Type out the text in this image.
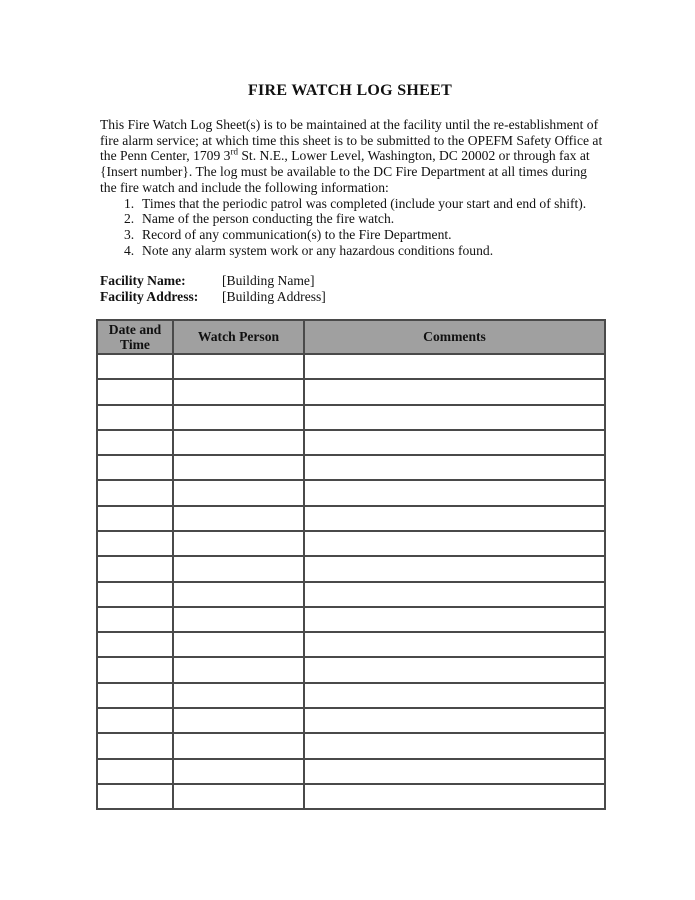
FIRE WATCH LOG SHEET

This Fire Watch Log Sheet(s) is to be maintained at the facility until the re-establishment of fire alarm service; at which time this sheet is to be submitted to the OPEFM Safety Office at the Penn Center, 1709 3rd St. N.E., Lower Level, Washington, DC 20002 or through fax at {Insert number}. The log must be available to the DC Fire Department at all times during the fire watch and include the following information:

1. Times that the periodic patrol was completed (include your start and end of shift).
2. Name of the person conducting the fire watch.
3. Record of any communication(s) to the Fire Department.
4. Note any alarm system work or any hazardous conditions found.
Facility Name:	[Building Name]
Facility Address:	[Building Address]
Date and Time	Watch Person	Comments
